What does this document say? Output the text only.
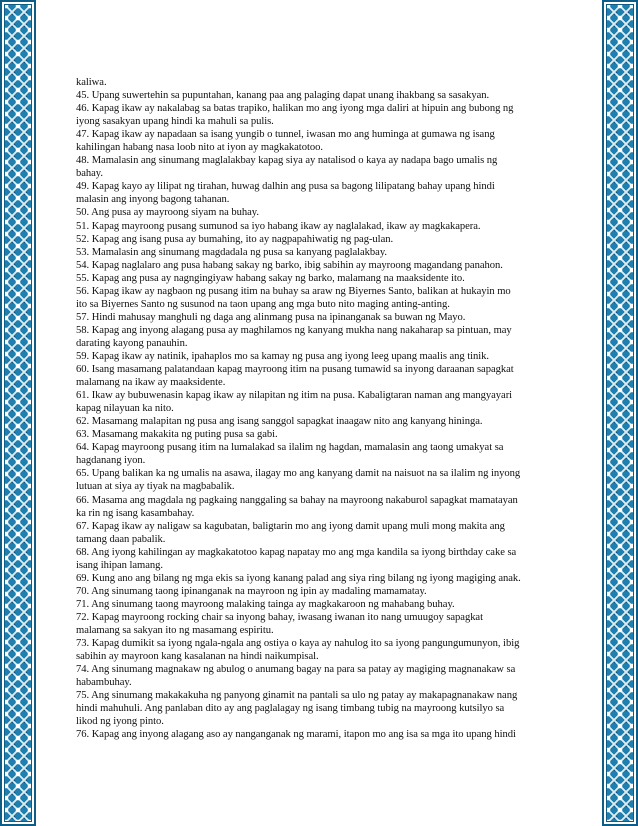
kaliwa.

45. Upang suwertehin sa pupuntahan, kanang paa ang palaging dapat unang ihakbang sa sasakyan.

46. Kapag ikaw ay nakalabag sa batas trapiko, halikan mo ang iyong mga daliri at hipuin ang bubong ng

iyong sasakyan upang hindi ka mahuli sa pulis.

47. Kapag ikaw ay napadaan sa isang yungib o tunnel, iwasan mo ang huminga at gumawa ng isang

kahilingan habang nasa loob nito at iyon ay magkakatotoo.

48. Mamalasin ang sinumang maglalakbay kapag siya ay natalisod o kaya ay nadapa bago umalis ng

bahay.

49. Kapag kayo ay lilipat ng tirahan, huwag dalhin ang pusa sa bagong lilipatang bahay upang hindi

malasin ang inyong bagong tahanan.

50. Ang pusa ay mayroong siyam na buhay.

51. Kapag mayroong pusang sumunod sa iyo habang ikaw ay naglalakad, ikaw ay magkakapera.

52. Kapag ang isang pusa ay bumahing, ito ay nagpapahiwatig ng pag-ulan.

53. Mamalasin ang sinumang magdadala ng pusa sa kanyang paglalakbay.

54. Kapag naglalaro ang pusa habang sakay ng barko, ibig sabihin ay mayroong magandang panahon.

55. Kapag ang pusa ay nagngingiyaw habang sakay ng barko, malamang na maaksidente ito.

56. Kapag ikaw ay nagbaon ng pusang itim na buhay sa araw ng Biyernes Santo, balikan at hukayin mo

ito sa Biyernes Santo ng susunod na taon upang ang mga buto nito maging anting-anting.

57. Hindi mahusay manghuli ng daga ang alinmang pusa na ipinanganak sa buwan ng Mayo.

58. Kapag ang inyong alagang pusa ay maghilamos ng kanyang mukha nang nakaharap sa pintuan, may

darating kayong panauhin.

59. Kapag ikaw ay natinik, ipahaplos mo sa kamay ng pusa ang iyong leeg upang maalis ang tinik.

60. Isang masamang palatandaan kapag mayroong itim na pusang tumawid sa inyong daraanan sapagkat

malamang na ikaw ay maaksidente.

61. Ikaw ay bubuwenasin kapag ikaw ay nilapitan ng itim na pusa. Kabaligtaran naman ang mangyayari

kapag nilayuan ka nito.

62. Masamang malapitan ng pusa ang isang sanggol sapagkat inaagaw nito ang kanyang hininga.

63. Masamang makakita ng puting pusa sa gabi.

64. Kapag mayroong pusang itim na lumalakad sa ilalim ng hagdan, mamalasin ang taong umakyat sa

hagdanang iyon.

65. Upang balikan ka ng umalis na asawa, ilagay mo ang kanyang damit na naisuot na sa ilalim ng inyong

lutuan at siya ay tiyak na magbabalik.

66. Masama ang magdala ng pagkaing nanggaling sa bahay na mayroong nakaburol sapagkat mamatayan

ka rin ng isang kasambahay.

67. Kapag ikaw ay naligaw sa kagubatan, baligtarin mo ang iyong damit upang muli mong makita ang

tamang daan pabalik.

68. Ang iyong kahilingan ay magkakatotoo kapag napatay mo ang mga kandila sa iyong birthday cake sa

isang ihipan lamang.

69. Kung ano ang bilang ng mga ekis sa iyong kanang palad ang siya ring bilang ng iyong magiging anak.

70. Ang sinumang taong ipinanganak na mayroon ng ipin ay madaling mamamatay.

71. Ang sinumang taong mayroong malaking tainga ay magkakaroon ng mahabang buhay.

72. Kapag mayroong rocking chair sa inyong bahay, iwasang iwanan ito nang umuugoy sapagkat

malamang sa sakyan ito ng masamang espiritu.

73. Kapag dumikit sa iyong ngala-ngala ang ostiya o kaya ay nahulog ito sa iyong pangungumunyon, ibig

sabihin ay mayroon kang kasalanan na hindi naikumpisal.

74. Ang sinumang magnakaw ng abulog o anumang bagay na para sa patay ay magiging magnanakaw sa

habambuhay.

75. Ang sinumang makakakuha ng panyong ginamit na pantali sa ulo ng patay ay makapagnanakaw nang

hindi mahuhuli. Ang panlaban dito ay ang paglalagay ng isang timbang tubig na mayroong kutsilyo sa

likod ng iyong pinto.

76. Kapag ang inyong alagang aso ay nanganganak ng marami, itapon mo ang isa sa mga ito upang hindi
